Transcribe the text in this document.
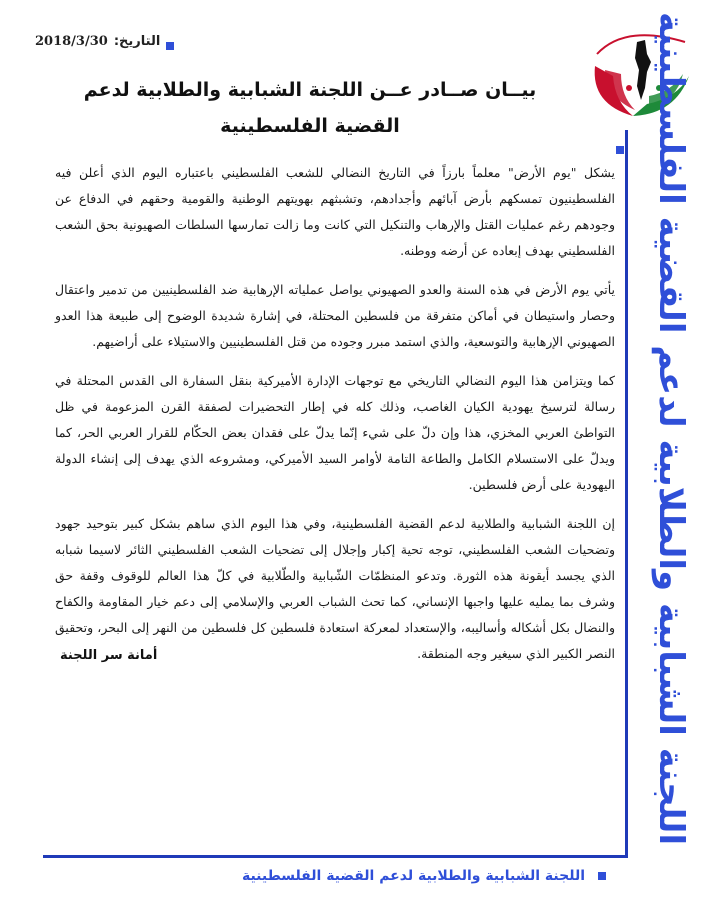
2018/3/30 التاريخ:
بيــان صــادر عــن اللجنة الشبابية والطلابية لدعم
القضية الفلسطينية	اللجنة الشبابية والطلابية لدعم القضية الفلسطينية

يشكل "يوم الأرض" معلماً بارزاً في التاريخ النضالي للشعب الفلسطيني باعتباره اليوم الذي أعلن فيه الفلسطينيون تمسكهم بأرض آبائهم وأجدادهم، وتشبثهم بهويتهم الوطنية والقومية وحقهم في الدفاع عن وجودهم رغم عمليات القتل والإرهاب والتنكيل التي كانت وما زالت تمارسها السلطات الصهيونية بحق الشعب الفلسطيني بهدف إبعاده عن أرضه ووطنه.

يأتي يوم الأرض في هذه السنة والعدو الصهيوني يواصل عملياته الإرهابية ضد الفلسطينيين من تدمير واعتقال وحصار واستيطان في أماكن متفرقة من فلسطين المحتلة، في إشارة شديدة الوضوح إلى طبيعة هذا العدو الصهيوني الإرهابية والتوسعية، والذي استمد مبرر وجوده من قتل الفلسطينيين والاستيلاء على أراضيهم.

كما ويتزامن هذا اليوم النضالي التاريخي مع توجهات الإدارة الأميركية بنقل السفارة الى القدس المحتلة في رسالة لترسيخ يهودية الكيان الغاصب، وذلك كله في إطار التحضيرات لصفقة القرن المزعومة في ظل التواطئ العربي المخزي، هذا وإن دلّ على شيء إنّما يدلّ على فقدان بعض الحكّام للقرار العربي الحر، كما ويدلّ على الاستسلام الكامل والطاعة التامة لأوامر السيد الأميركي، ومشروعه الذي يهدف إلى إنشاء الدولة اليهودية على أرض فلسطين.

إن اللجنة الشبابية والطلابية لدعم القضية الفلسطينية، وفي هذا اليوم الذي ساهم بشكل كبير بتوحيد جهود وتضحيات الشعب الفلسطيني، توجه تحية إكبار وإجلال إلى تضحيات الشعب الفلسطيني الثائر لاسيما شبابه الذي يجسد أيقونة هذه الثورة. وتدعو المنظمّات الشّبابية والطّلابية في كلّ هذا العالم للوقوف وقفة حق وشرف بما يمليه عليها واجبها الإنساني، كما تحث الشباب العربي والإسلامي إلى دعم خيار المقاومة والكفاح والنضال بكل أشكاله وأساليبه، والإستعداد لمعركة استعادة فلسطين كل فلسطين من النهر إلى البحر، وتحقيق النصر الكبير الذي سيغير وجه المنطقة.

أمانة سر اللجنة
اللجنة الشبابية والطلابية لدعم القضية الفلسطينية
